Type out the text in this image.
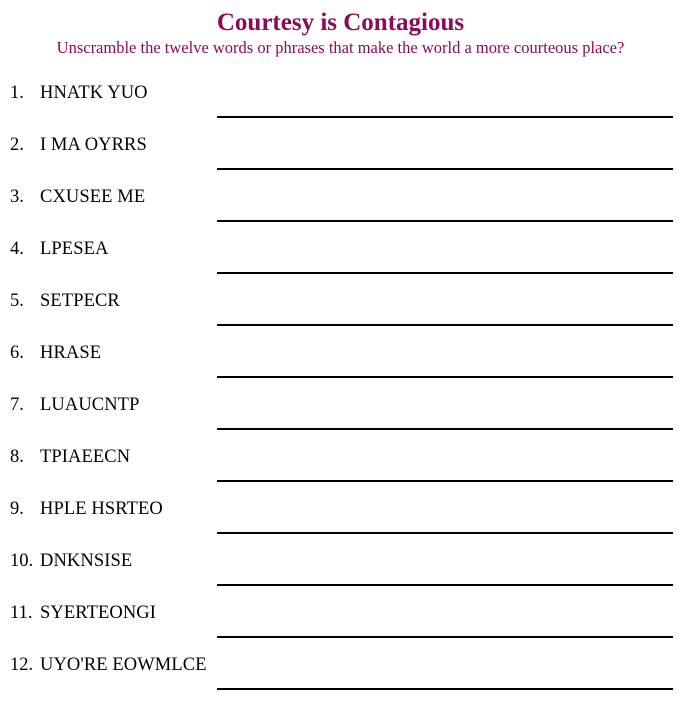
Courtesy is Contagious

Unscramble the twelve words or phrases that make the world a more courteous place?

1. HNATK YUO
2. I MA OYRRS
3. CXUSEE ME
4. LPESEA
5. SETPECR
6. HRASE
7. LUAUCNTP
8. TPIAEECN
9. HPLE HSRTEO
10. DNKNSISE
11. SYERTEONGI
12. UYO'RE EOWMLCE
